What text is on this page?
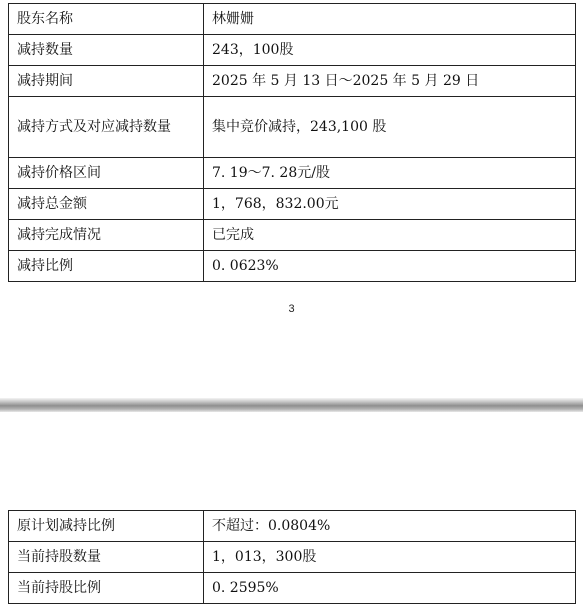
股东名称	林姗姗
减持数量	243，100股
减持期间	2025 年 5 月 13 日～2025 年 5 月 29 日
减持方式及对应减持数量	集中竞价减持，243,100 股
减持价格区间	7. 19～7. 28元/股
减持总金额	1，768，832.00元
减持完成情况	已完成
减持比例	0. 0623%
3
原计划减持比例	不超过：0.0804%
当前持股数量	1，013，300股
当前持股比例	0. 2595%
